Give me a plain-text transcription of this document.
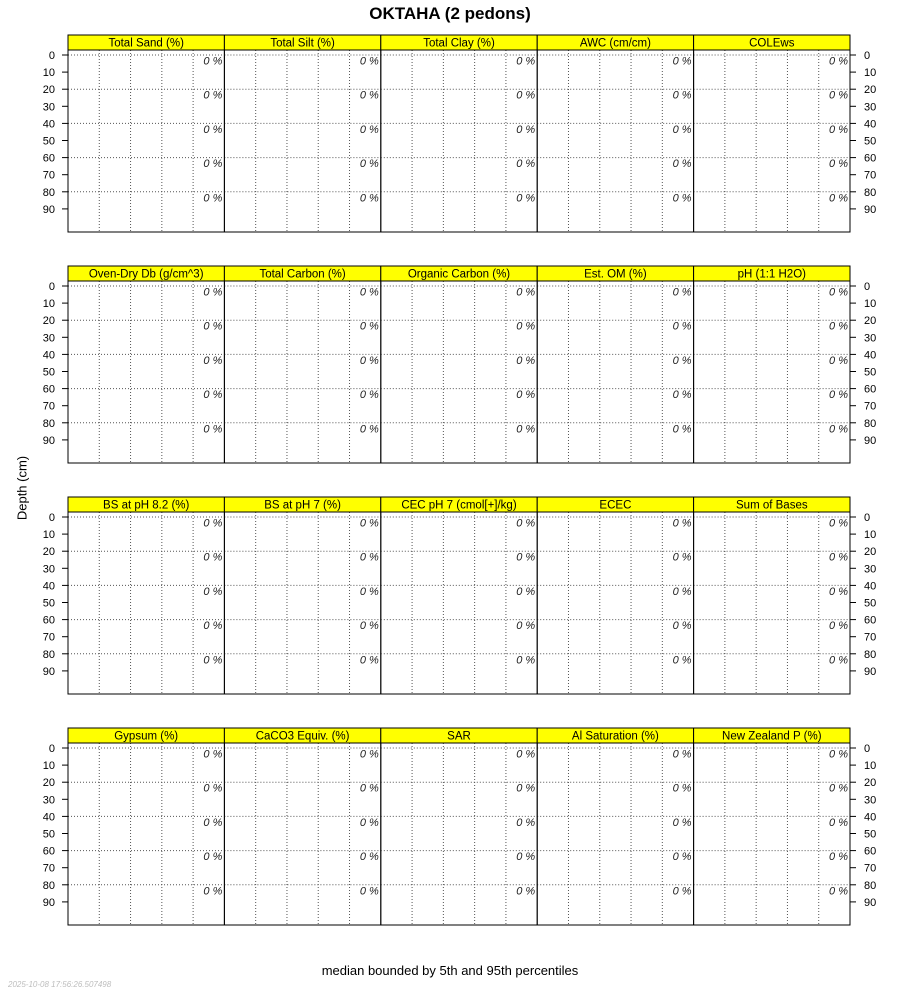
OKTAHA (2 pedons)
Depth (cm)
median bounded by 5th and 95th percentiles
2025-10-08 17:56:26.507498
Total Sand (%)
0 %
0 %
0 %
0 %
0 %
Total Silt (%)
0 %
0 %
0 %
0 %
0 %
Total Clay (%)
0 %
0 %
0 %
0 %
0 %
AWC (cm/cm)
0 %
0 %
0 %
0 %
0 %
COLEws
0 %
0 %
0 %
0 %
0 %
0	0
10	10
20	20
30	30
40	40
50	50
60	60
70	70
80	80
90	90
Oven-Dry Db (g/cm^3)
0 %
0 %
0 %
0 %
0 %
Total Carbon (%)
0 %
0 %
0 %
0 %
0 %
Organic Carbon (%)
0 %
0 %
0 %
0 %
0 %
Est. OM (%)
0 %
0 %
0 %
0 %
0 %
pH (1:1 H2O)
0 %
0 %
0 %
0 %
0 %
0	0
10	10
20	20
30	30
40	40
50	50
60	60
70	70
80	80
90	90
BS at pH 8.2 (%)
0 %
0 %
0 %
0 %
0 %
BS at pH 7 (%)
0 %
0 %
0 %
0 %
0 %
CEC pH 7 (cmol[+]/kg)
0 %
0 %
0 %
0 %
0 %
ECEC
0 %
0 %
0 %
0 %
0 %
Sum of Bases
0 %
0 %
0 %
0 %
0 %
0	0
10	10
20	20
30	30
40	40
50	50
60	60
70	70
80	80
90	90
Gypsum (%)
0 %
0 %
0 %
0 %
0 %
CaCO3 Equiv. (%)
0 %
0 %
0 %
0 %
0 %
SAR
0 %
0 %
0 %
0 %
0 %
Al Saturation (%)
0 %
0 %
0 %
0 %
0 %
New Zealand P (%)
0 %
0 %
0 %
0 %
0 %
0	0
10	10
20	20
30	30
40	40
50	50
60	60
70	70
80	80
90	90
